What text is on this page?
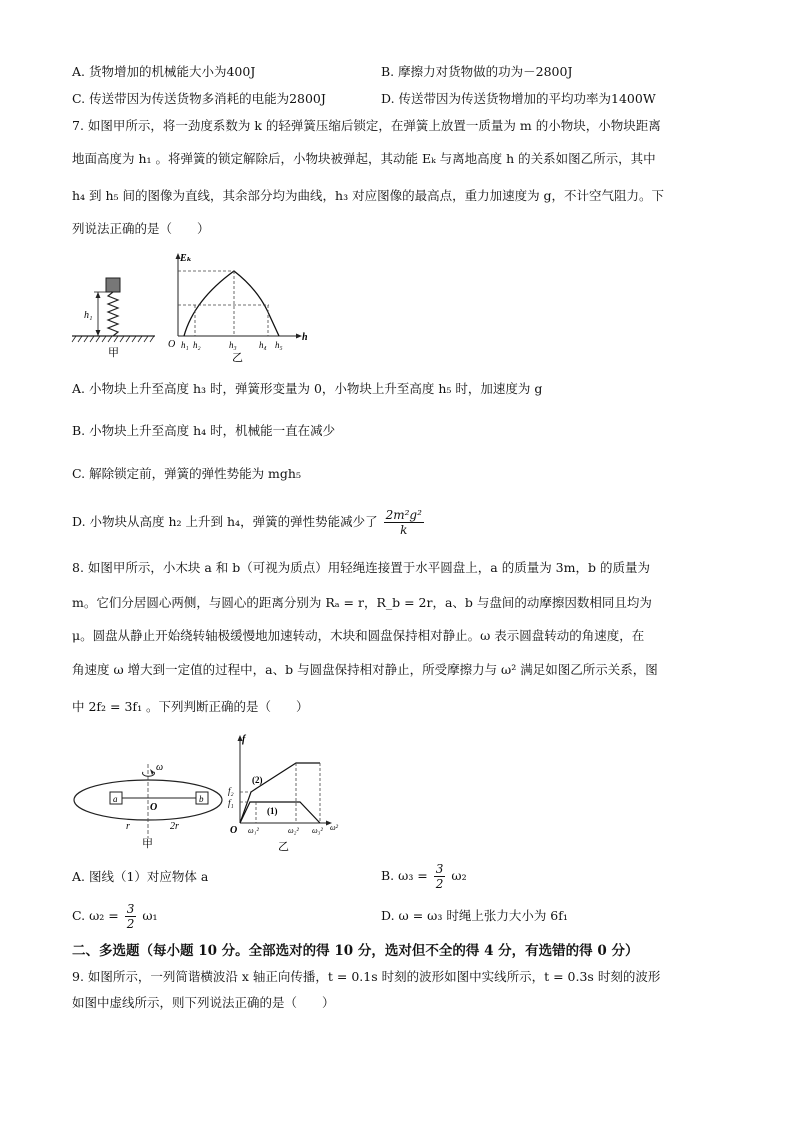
A. 货物增加的机械能大小为400J	B. 摩擦力对货物做的功为－2800J
C. 传送带因为传送货物多消耗的电能为2800J	D. 传送带因为传送货物增加的平均功率为1400W
7. 如图甲所示，将一劲度系数为 k 的轻弹簧压缩后锁定，在弹簧上放置一质量为 m 的小物块，小物块距离
地面高度为 h₁ 。将弹簧的锁定解除后，小物块被弹起，其动能 Eₖ 与离地高度 h 的关系如图乙所示，其中
h₄ 到 h₅ 间的图像为直线，其余部分均为曲线，h₃ 对应图像的最高点，重力加速度为 g，不计空气阻力。下
列说法正确的是（　　）
h₁
甲
Eₖ
h
O h₁ h₂	h₃ h₄ h₅
乙
A. 小物块上升至高度 h₃ 时，弹簧形变量为 0，小物块上升至高度 h₅ 时，加速度为 g
B. 小物块上升至高度 h₄ 时，机械能一直在减少
C. 解除锁定前，弹簧的弹性势能为 mgh₅
D. 小物块从高度 h₂ 上升到 h₄，弹簧的弹性势能减少了 $\frac{\text{2m²g²}}{k}$
8. 如图甲所示，小木块 a 和 b（可视为质点）用轻绳连接置于水平圆盘上，a 的质量为 3m，b 的质量为
m。它们分居圆心两侧，与圆心的距离分别为 Rₐ = r，R_b = 2r，a、b 与盘间的动摩擦因数相同且均为
μ。圆盘从静止开始绕转轴极缓慢地加速转动，木块和圆盘保持相对静止。ω 表示圆盘转动的角速度，在
角速度 ω 增大到一定值的过程中，a、b 与圆盘保持相对静止，所受摩擦力与 ω² 满足如图乙所示关系，图
中 2f₂ = 3f₁ 。下列判断正确的是（　　）
ω
a	b
O
r	2r
甲
f
f₂
f₁
(2)
(1)
O ω₁²	ω₂² ω₃² ω²
乙
A. 图线（1）对应物体 a	B. $\omega_3 = \frac{3}{2} \omega_2$
C. $\omega_2 = \frac{3}{2} \omega_1$	D. ω = ω₃ 时绳上张力大小为 6f₁
二、多选题（每小题 10 分。全部选对的得 10 分，选对但不全的得 4 分，有选错的得 0 分）
9. 如图所示，一列简谐横波沿 x 轴正向传播，t = 0.1s 时刻的波形如图中实线所示，t = 0.3s 时刻的波形
如图中虚线所示，则下列说法正确的是（　　）
